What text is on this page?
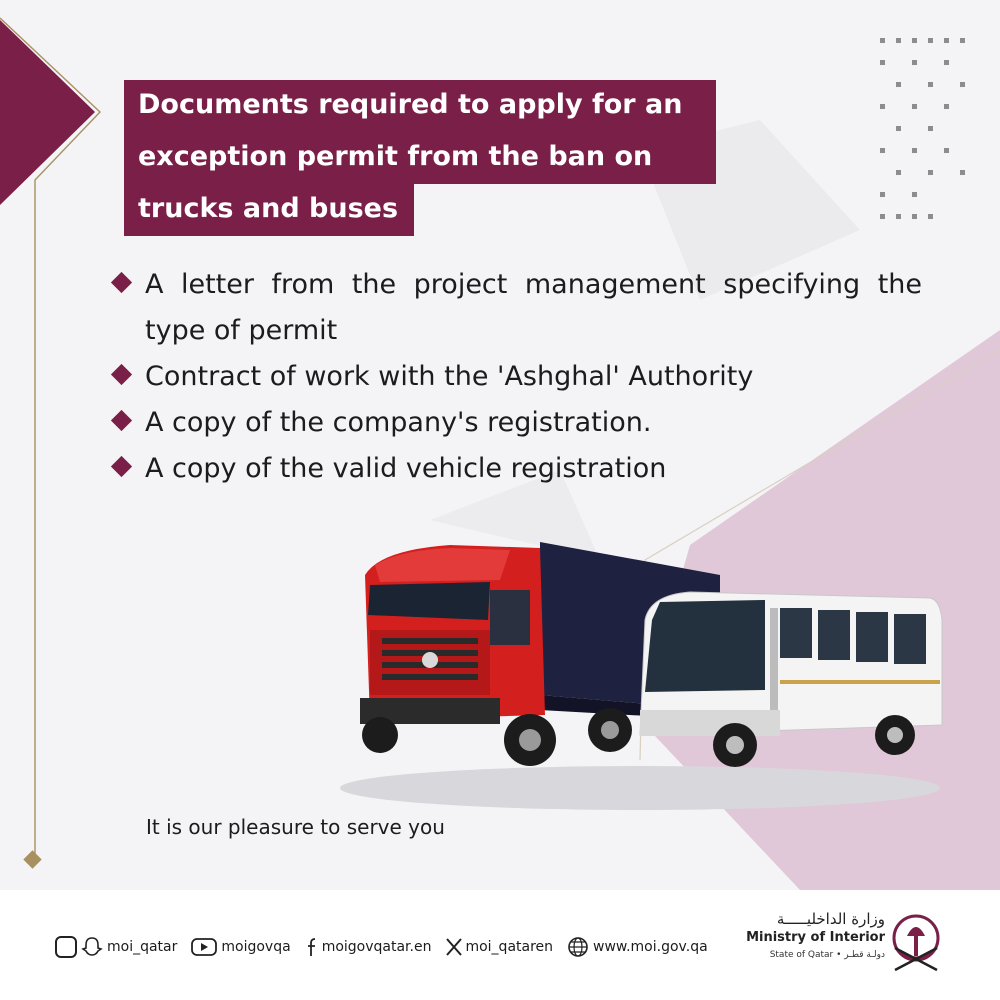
Documents required to apply for an
exception permit from the ban on
trucks and buses
A letter from the project management specifying the type of permit
Contract of work with the 'Ashghal' Authority
A copy of the company's registration.
A copy of the valid vehicle registration
It is our pleasure to serve you
moi_qatar	moigovqa moigovqatar.en moi_qataren	www.moi.gov.qa
وزارة الداخليـــــة
Ministry of Interior
State of Qatar • دولـة قطـر
